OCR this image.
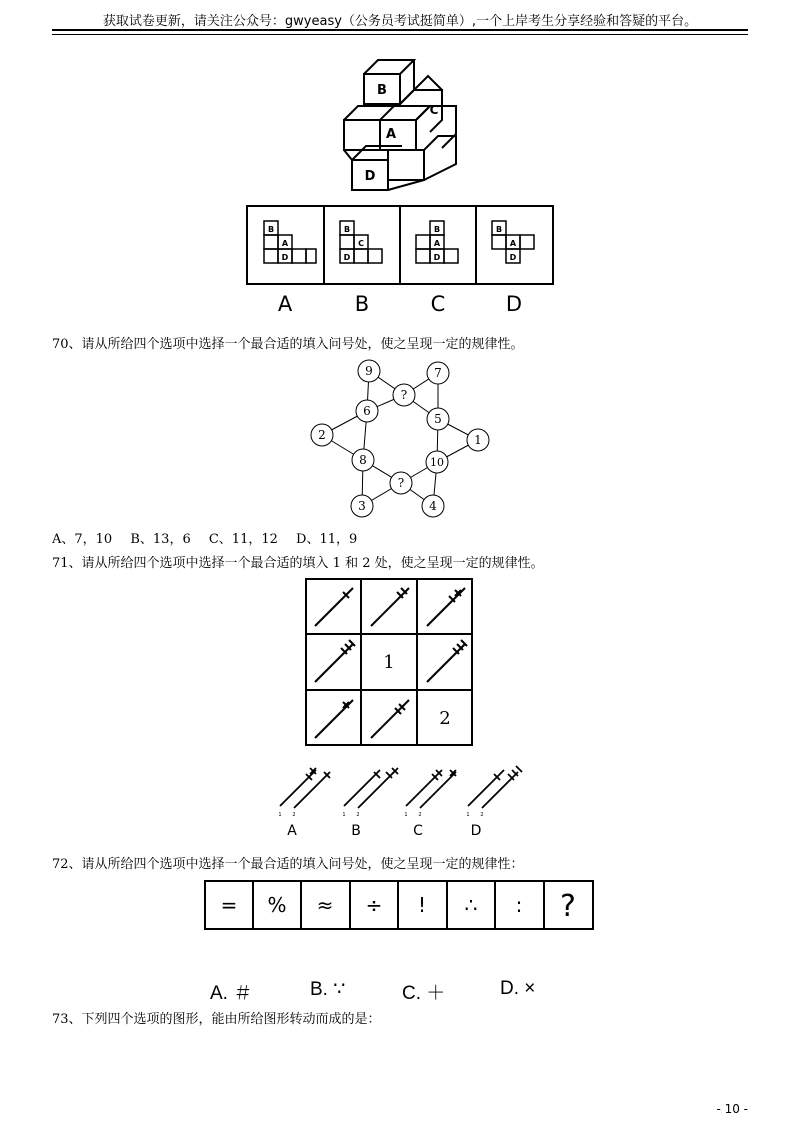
获取试卷更新，请关注公众号：gwyeasy（公务员考试挺简单）,一个上岸考生分享经验和答疑的平台。
B
C
A
D
B
A
D
B
C
D
B
A
D
B
A
D
A	B	C	D
70、请从所给四个选项中选择一个最合适的填入问号处，使之呈现一定的规律性。
9
?
7
6
5
2	1
8	10
?
3	4
A、7，10 B、13，6 C、11，12 D、11，9
71、请从所给四个选项中选择一个最合适的填入 1 和 2 处，使之呈现一定的规律性。
1
2
1 2	1 2	1 2	1 2
A	B	C	D
72、请从所给四个选项中选择一个最合适的填入问号处，使之呈现一定的规律性：
= % ≈ ÷ ! ∴ : ?
A. ＃	B. ∵	C. ＋	D. ×
73、下列四个选项的图形，能由所给图形转动而成的是：
- 10 -
